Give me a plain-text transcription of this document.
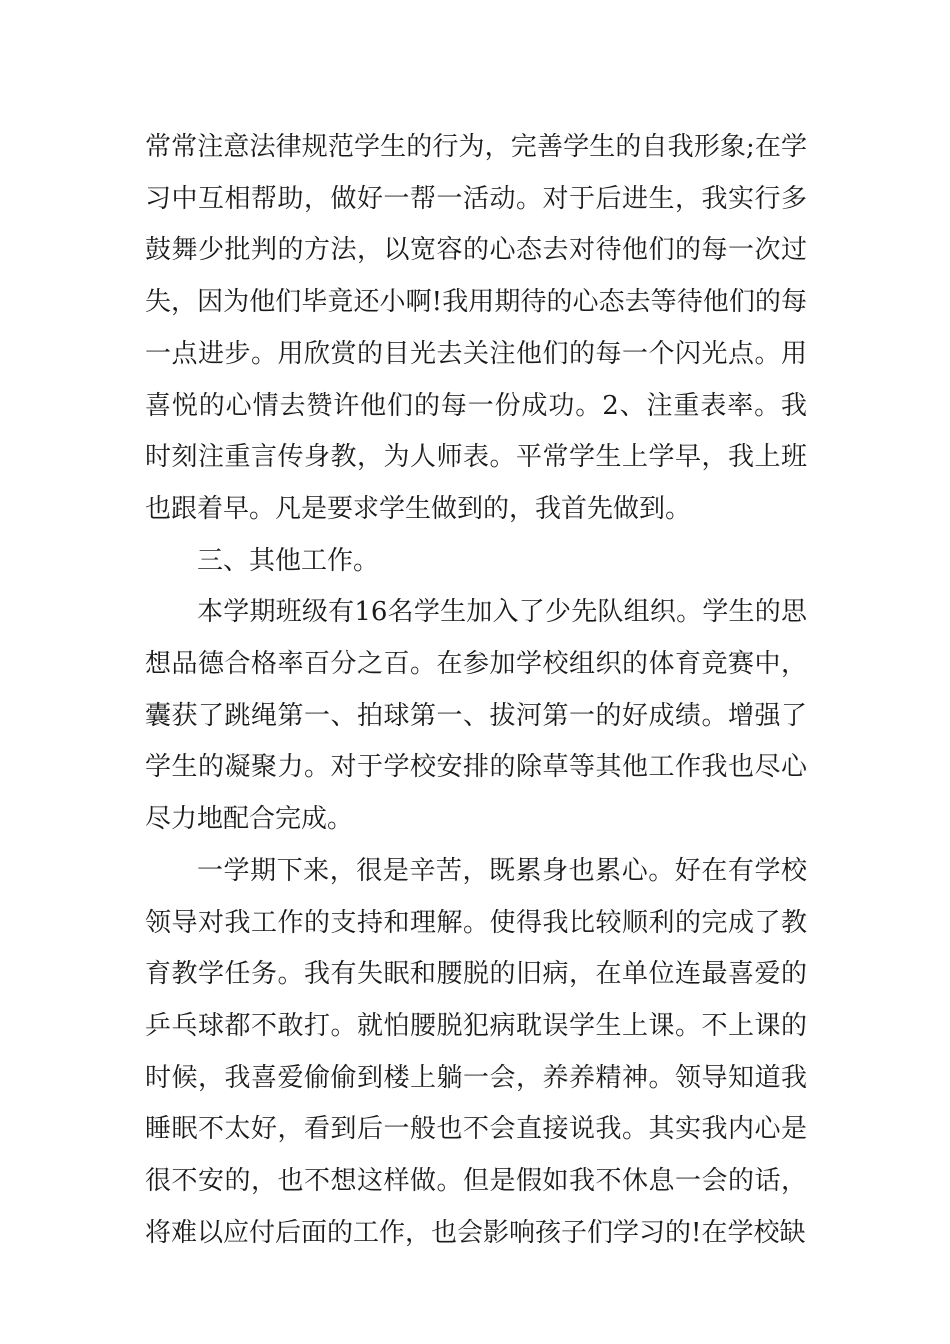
常常注意法律规范学生的行为，完善学生的自我形象;在学习中互相帮助，做好一帮一活动。对于后进生，我实行多鼓舞少批判的方法，以宽容的心态去对待他们的每一次过失，因为他们毕竟还小啊!我用期待的心态去等待他们的每一点进步。用欣赏的目光去关注他们的每一个闪光点。用喜悦的心情去赞许他们的每一份成功。2、注重表率。我时刻注重言传身教，为人师表。平常学生上学早，我上班也跟着早。凡是要求学生做到的，我首先做到。

三、其他工作。

本学期班级有16名学生加入了少先队组织。学生的思想品德合格率百分之百。在参加学校组织的体育竞赛中，囊获了跳绳第一、拍球第一、拔河第一的好成绩。增强了学生的凝聚力。对于学校安排的除草等其他工作我也尽心尽力地配合完成。

一学期下来，很是辛苦，既累身也累心。好在有学校领导对我工作的支持和理解。使得我比较顺利的完成了教育教学任务。我有失眠和腰脱的旧病，在单位连最喜爱的乒乓球都不敢打。就怕腰脱犯病耽误学生上课。不上课的时候，我喜爱偷偷到楼上躺一会，养养精神。领导知道我睡眠不太好，看到后一般也不会直接说我。其实我内心是很不安的，也不想这样做。但是假如我不休息一会的话，将难以应付后面的工作，也会影响孩子们学习的!在学校缺
